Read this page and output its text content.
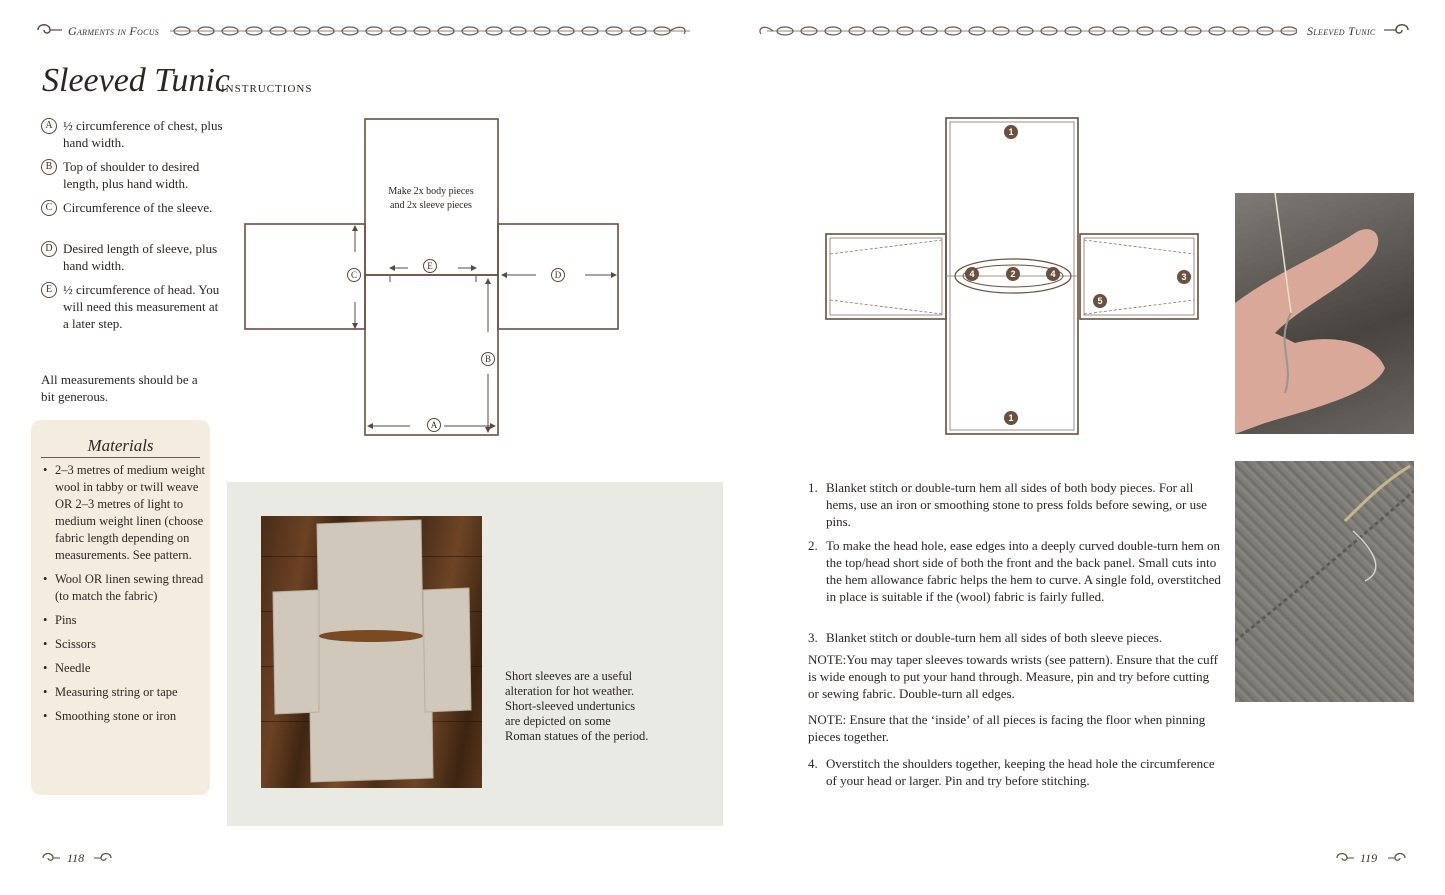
Garments in Focus	Sleeved Tunic
Sleeved Tunic
instructions
A ½ circumference of chest, plus hand width.
B Top of shoulder to desired length, plus hand width.
C Circumference of the sleeve.
D Desired length of sleeve, plus hand width.
E ½ circumference of head. You will need this measurement at a later step.
All measurements should be a bit generous.
Materials
• 2–3 metres of medium weight wool in tabby or twill weave OR 2–3 metres of light to medium weight linen (choose fabric length depending on measurements. See pattern.
• Wool OR linen sewing thread (to match the fabric)
• Pins
• Scissors
• Needle
• Measuring string or tape
• Smoothing stone or iron
Make 2x body pieces
and 2x sleeve pieces
C
E
D
B
A
Short sleeves are a useful alteration for hot weather. Short-sleeved undertunics are depicted on some Roman statues of the period.
1
1
4	2	4	3
5
1. Blanket stitch or double-turn hem all sides of both body pieces. For all hems, use an iron or smoothing stone to press folds before sewing, or use pins.
2. To make the head hole, ease edges into a deeply curved double-turn hem on the top/head short side of both the front and the back panel. Small cuts into the hem allowance fabric helps the hem to curve. A single fold, overstitched in place is suitable if the (wool) fabric is fairly fulled.
3. Blanket stitch or double-turn hem all sides of both sleeve pieces.
NOTE:You may taper sleeves towards wrists (see pattern). Ensure that the cuff is wide enough to put your hand through. Measure, pin and try before cutting or sewing fabric. Double-turn all edges.
NOTE: Ensure that the ‘inside’ of all pieces is facing the floor when pinning pieces together.
4. Overstitch the shoulders together, keeping the head hole the circumference of your head or larger. Pin and try before stitching.
118	119
